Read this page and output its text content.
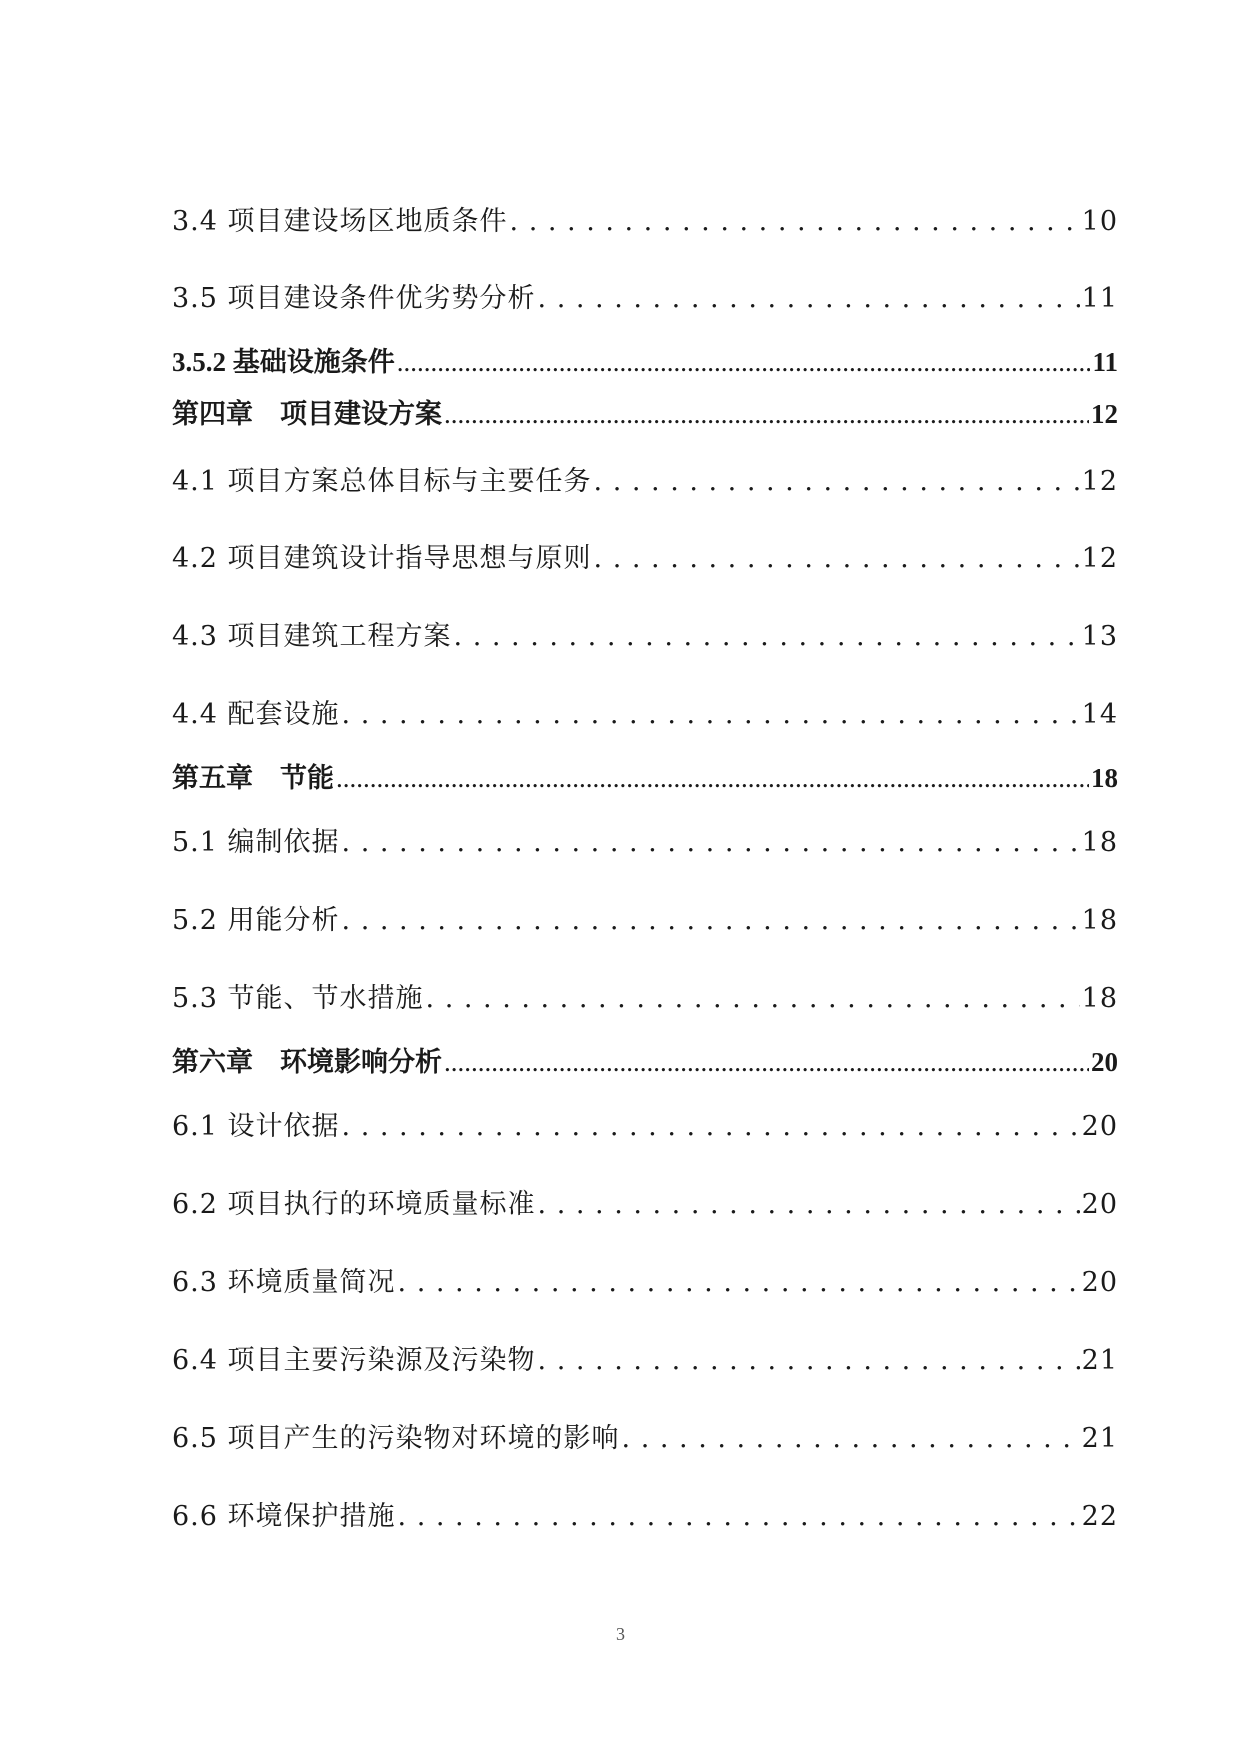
3.4 项目建设场区地质条件 . . .	10
3.5 项目建设条件优劣势分析 . . .	11
3.5.2 基础设施条件 .....	11
第四章　项目建设方案 .....	12
4.1 项目方案总体目标与主要任务 . . .	12
4.2 项目建筑设计指导思想与原则 . . .	12
4.3 项目建筑工程方案 . . .	13
4.4 配套设施 . . .	14
第五章　节能 .....	18
5.1 编制依据 . . .	18
5.2 用能分析 . . .	18
5.3 节能、节水措施 . . .	18
第六章　环境影响分析 .....	20
6.1 设计依据 . . .	20
6.2 项目执行的环境质量标准 . . .	20
6.3 环境质量简况 . . .	20
6.4 项目主要污染源及污染物 . . .	21
6.5 项目产生的污染物对环境的影响 . . .	21
6.6 环境保护措施 . . .	22
3
